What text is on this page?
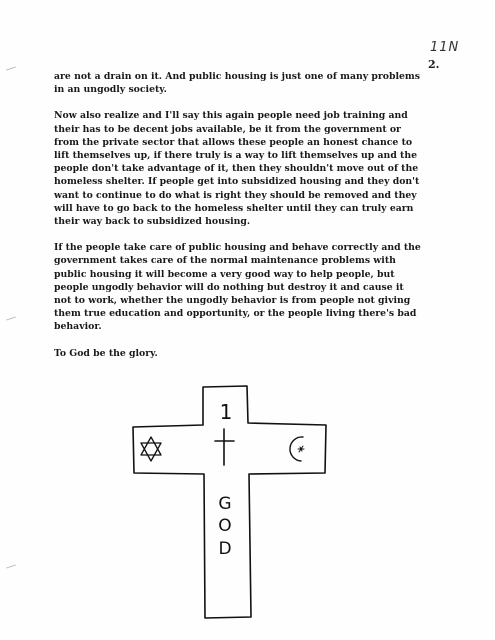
11N
2.

are not a drain on it. And public housing is just one of many problems
in an ungodly society.

Now also realize and I'll say this again people need job training and
their has to be decent jobs available, be it from the government or
from the private sector that allows these people an honest chance to
lift themselves up, if there truly is a way to lift themselves up and the
people don't take advantage of it, then they shouldn't move out of the
homeless shelter. If people get into subsidized housing and they don't
want to continue to do what is right they should be removed and they
will have to go back to the homeless shelter until they can truly earn
their way back to subsidized housing.

If the people take care of public housing and behave correctly and the
government takes care of the normal maintenance problems with
public housing it will become a very good way to help people, but
people ungodly behavior will do nothing but destroy it and cause it
not to work, whether the ungodly behavior is from people not giving
them true education and opportunity, or the people living there's bad
behavior.

To God be the glory.

1
G
O
D
